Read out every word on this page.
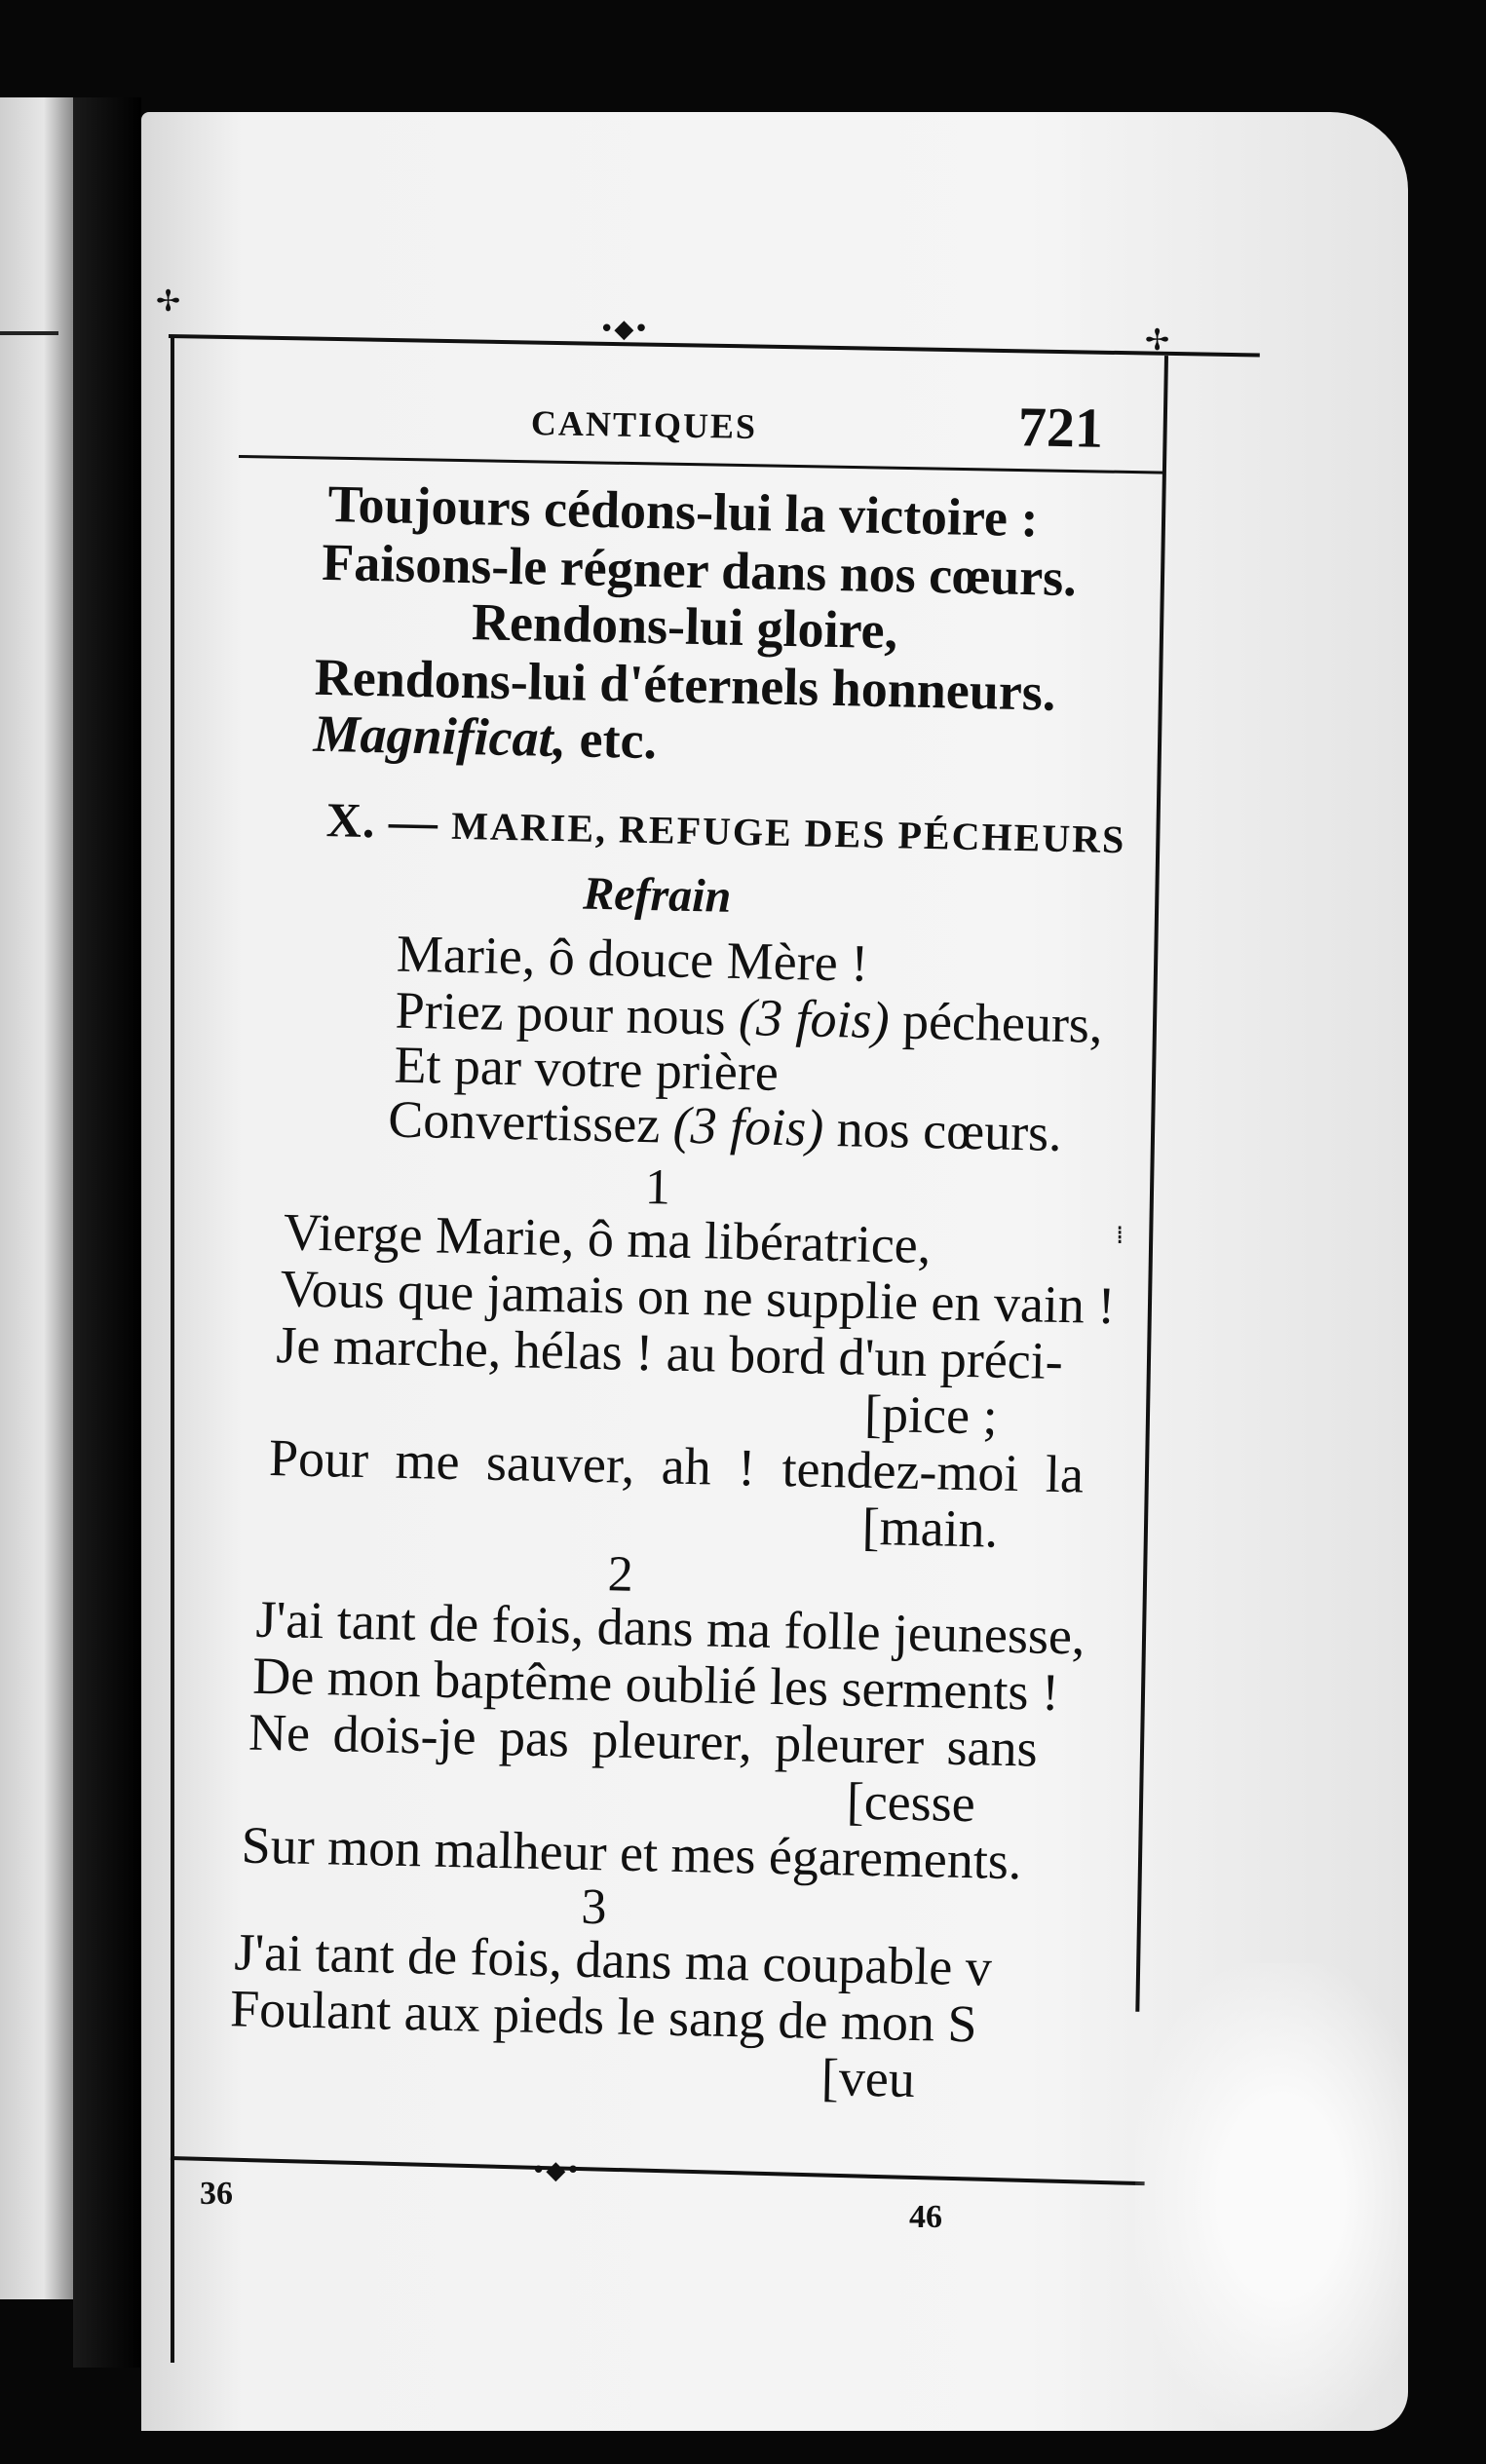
✢
•◆•	✢
⁞
CANTIQUES	721
Toujours cédons-lui la victoire :
Faisons-le régner dans nos cœurs.
Rendons-lui gloire,
Rendons-lui d'éternels honneurs.
Magnificat, etc.
X. — MARIE, REFUGE DES PÉCHEURS
Refrain
Marie, ô douce Mère !
Priez pour nous (3 fois) pécheurs,
Et par votre prière
Convertissez (3 fois) nos cœurs.
1
Vierge Marie, ô ma libératrice,
Vous que jamais on ne supplie en vain !
Je marche, hélas ! au bord d'un préci-
[pice ;
Pour me sauver, ah ! tendez-moi la
[main.
2
J'ai tant de fois, dans ma folle jeunesse,
De mon baptême oublié les serments !
Ne dois-je pas pleurer, pleurer sans
[cesse
Sur mon malheur et mes égarements.
3
J'ai tant de fois, dans ma coupable v
Foulant aux pieds le sang de mon S
[veu
•◆•
36
46
